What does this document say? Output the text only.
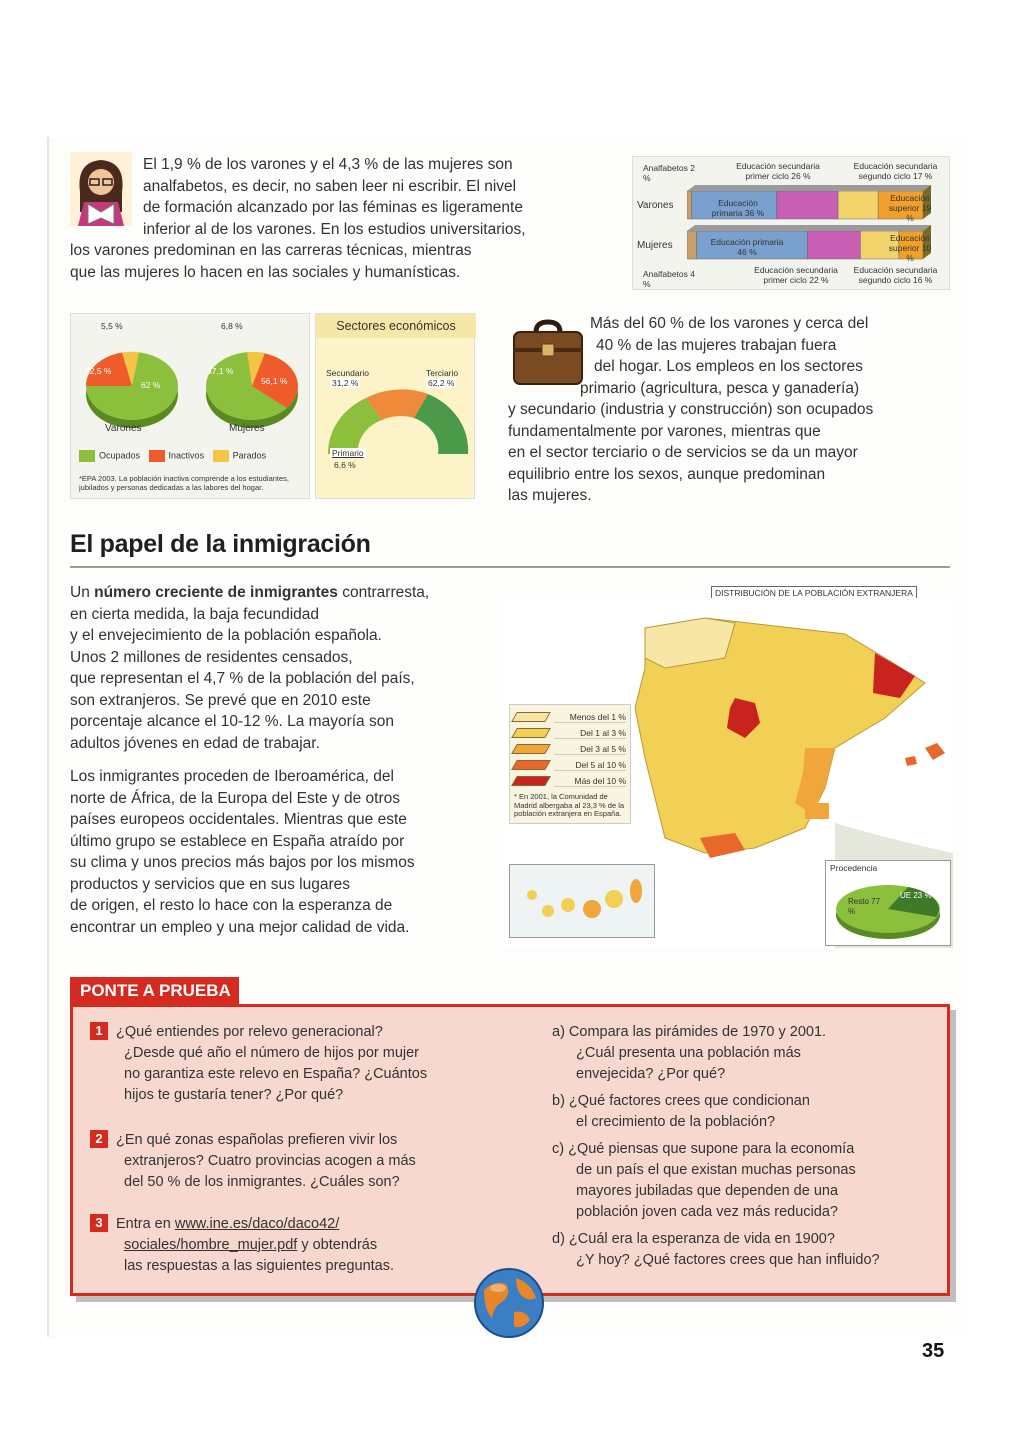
El 1,9 % de los varones y el 4,3 % de las mujeres son

analfabetos, es decir, no saben leer ni escribir. El nivel

de formación alcanzado por las féminas es ligeramente

inferior al de los varones. En los estudios universitarios,

los varones predominan en las carreras técnicas, mientras

que las mujeres lo hacen en las sociales y humanísticas.

Analfabetos 2 %
Educación secundaria primer ciclo 26 %
Educación secundaria segundo ciclo 17 %
Varones
Mujeres
Educación primaria 36 %
Educación superior 19 %
Educación primaria 46 %
Educación superior 10 %
Analfabetos 4 %
Educación secundaria primer ciclo 22 %
Educación secundaria segundo ciclo 16 %
5,5 %	6,8 %
32,5 %
62 %
37,1 %
56,1 %
Varones	Mujeres
Ocupados	Inactivos	Parados
*EPA 2003. La población inactiva comprende a los estudiantes, jubilados y personas dedicadas a las labores del hogar.
Sectores económicos
Secundario
31,2 %
Terciario
62,2 %
Primario
6,6 %

Más del 60 % de los varones y cerca del

40 % de las mujeres trabajan fuera

del hogar. Los empleos en los sectores

primario (agricultura, pesca y ganadería)

y secundario (industria y construcción) son ocupados

fundamentalmente por varones, mientras que

en el sector terciario o de servicios se da un mayor

equilibrio entre los sexos, aunque predominan

las mujeres.

El papel de la inmigración

Un número creciente de inmigrantes contrarresta,

en cierta medida, la baja fecundidad

y el envejecimiento de la población española.

Unos 2 millones de residentes censados,

que representan el 4,7 % de la población del país,

son extranjeros. Se prevé que en 2010 este

porcentaje alcance el 10-12 %. La mayoría son

adultos jóvenes en edad de trabajar.

Los inmigrantes proceden de Iberoamérica, del

norte de África, de la Europa del Este y de otros

países europeos occidentales. Mientras que este

último grupo se establece en España atraído por

su clima y unos precios más bajos por los mismos

productos y servicios que en sus lugares

de origen, el resto lo hace con la esperanza de

encontrar un empleo y una mejor calidad de vida.

DISTRIBUCIÓN DE LA POBLACIÓN EXTRANJERA
Menos del 1 %
Del 1 al 3 %
Del 3 al 5 %
Del 5 al 10 %
Más del 10 %
* En 2001, la Comunidad de Madrid albergaba al 23,3 % de la población extranjera en España.
Procedencia
Resto 77 %
UE 23 %
PONTE A PRUEBA

1 ¿Qué entiendes por relevo generacional?

¿Desde qué año el número de hijos por mujer

no garantiza este relevo en España? ¿Cuántos

hijos te gustaría tener? ¿Por qué?

2 ¿En qué zonas españolas prefieren vivir los

extranjeros? Cuatro provincias acogen a más

del 50 % de los inmigrantes. ¿Cuáles son?

3 Entra en www.ine.es/daco/daco42/

sociales/hombre_mujer.pdf y obtendrás

las respuestas a las siguientes preguntas.

a) Compara las pirámides de 1970 y 2001.

¿Cuál presenta una población más

envejecida? ¿Por qué?

b) ¿Qué factores crees que condicionan

el crecimiento de la población?

c) ¿Qué piensas que supone para la economía

de un país el que existan muchas personas

mayores jubiladas que dependen de una

población joven cada vez más reducida?

d) ¿Cuál era la esperanza de vida en 1900?

¿Y hoy? ¿Qué factores crees que han influido?

35
